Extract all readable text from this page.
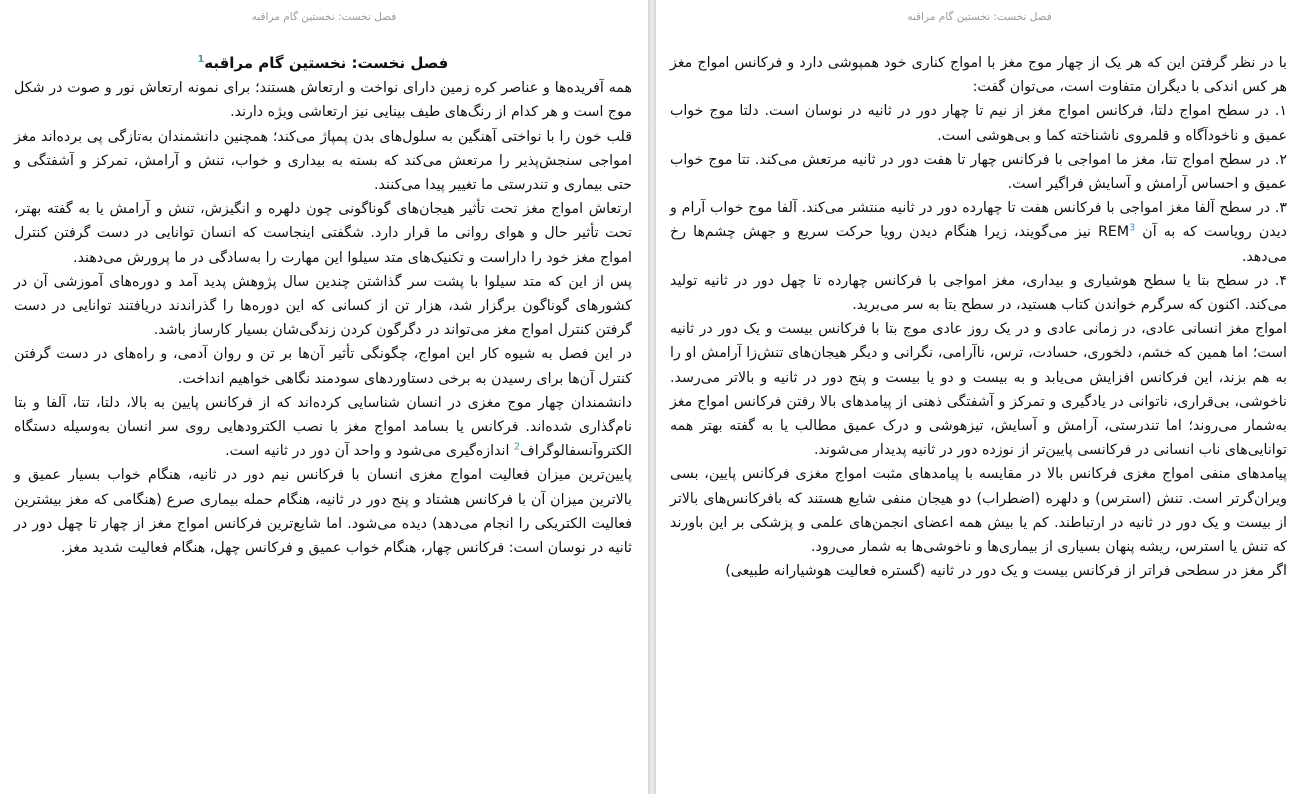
فصل نخست: نخستین گام مراقبه

فصل نخست: نخستین گام مراقبه$^1$

همه آفریده‌ها و عناصر کره زمین دارای نواخت و ارتعاش هستند؛ برای نمونه ارتعاش نور و صوت در شکل موج است و هر کدام از رنگ‌های طیف بینایی نیز ارتعاشی ویژه دارند.

قلب خون را با نواختی آهنگین به سلول‌های بدن پمپاژ می‌کند؛ همچنین دانشمندان به‌تازگی پی برده‌اند مغز امواجی سنجش‌پذیر را مرتعش می‌کند که بسته به بیداری و خواب، تنش و آرامش، تمرکز و آشفتگی و حتی بیماری و تندرستی ما تغییر پیدا می‌کنند.

ارتعاش امواج مغز تحت تأثیر هیجان‌های گوناگونی چون دلهره و انگیزش، تنش و آرامش یا به گفته بهتر، تحت تأثیر حال و هوای روانی ما قرار دارد. شگفتی اینجاست که انسان توانایی در دست گرفتن کنترل امواج مغز خود را داراست و تکنیک‌های متد سیلوا این مهارت را به‌سادگی در ما پرورش می‌دهند.

پس از این که متد سیلوا با پشت سر گذاشتن چندین سال پژوهش پدید آمد و دوره‌های آموزشی آن در کشورهای گوناگون برگزار شد، هزار تن از کسانی که این دوره‌ها را گذراندند دریافتند توانایی در دست گرفتن کنترل امواج مغز می‌تواند در دگرگون کردن زندگی‌شان بسیار کارساز باشد.

در این فصل به شیوه کار این امواج، چگونگی تأثیر آن‌ها بر تن و روان آدمی، و راه‌های در دست گرفتن کنترل آن‌ها برای رسیدن به برخی دستاوردهای سودمند نگاهی خواهیم انداخت.

دانشمندان چهار موج مغزی در انسان شناسایی کرده‌اند که از فرکانس پایین به بالا، دلتا، تتا، آلفا و بتا نام‌گذاری شده‌اند. فرکانس یا بسامد امواج مغز با نصب الکترودهایی روی سر انسان به‌وسیله دستگاه الکتروآنسفالوگراف$^2$ اندازه‌گیری می‌شود و واحد آن دور در ثانیه است.

پایین‌ترین میزان فعالیت امواج مغزی انسان با فرکانس نیم دور در ثانیه، هنگام خواب بسیار عمیق و بالاترین میزان آن با فرکانس هشتاد و پنج دور در ثانیه، هنگام حمله بیماری صرع (هنگامی که مغز بیشترین فعالیت الکتریکی را انجام می‌دهد) دیده می‌شود. اما شایع‌ترین فرکانس امواج مغز از چهار تا چهل دور در ثانیه در نوسان است: فرکانس چهار، هنگام خواب عمیق و فرکانس چهل، هنگام فعالیت شدید مغز.

فصل نخست: نخستین گام مراقبه

با در نظر گرفتن این که هر یک از چهار موج مغز با امواج کناری خود همپوشی دارد و فرکانس امواج مغز هر کس اندکی با دیگران متفاوت است، می‌توان گفت:

۱. در سطح امواج دلتا، فرکانس امواج مغز از نیم تا چهار دور در ثانیه در نوسان است. دلتا موج خواب عمیق و ناخودآگاه و قلمروی ناشناخته کما و بی‌هوشی است.

۲. در سطح امواج تتا، مغز ما امواجی با فرکانس چهار تا هفت دور در ثانیه مرتعش می‌کند. تتا موج خواب عمیق و احساس آرامش و آسایش فراگیر است.

۳. در سطح آلفا مغز امواجی با فرکانس هفت تا چهارده دور در ثانیه منتشر می‌کند. آلفا موج خواب آرام و دیدن رویاست که به آن REM$^3$ نیز می‌گویند، زیرا هنگام دیدن رویا حرکت سریع و جهش چشم‌ها رخ می‌دهد.

۴. در سطح بتا یا سطح هوشیاری و بیداری، مغز امواجی با فرکانس چهارده تا چهل دور در ثانیه تولید می‌کند. اکنون که سرگرم خواندن کتاب هستید، در سطح بتا به سر می‌برید.

امواج مغز انسانی عادی، در زمانی عادی و در یک روز عادی موج بتا با فرکانس بیست و یک دور در ثانیه است؛ اما همین که خشم، دلخوری، حسادت، ترس، ناآرامی، نگرانی و دیگر هیجان‌های تنش‌زا آرامش او را به هم بزند، این فرکانس افزایش می‌یابد و به بیست و دو یا بیست و پنج دور در ثانیه و بالاتر می‌رسد. ناخوشی، بی‌قراری، ناتوانی در یادگیری و تمرکز و آشفتگی ذهنی از پیامدهای بالا رفتن فرکانس امواج مغز به‌شمار می‌روند؛ اما تندرستی، آرامش و آسایش، تیزهوشی و درک عمیق مطالب یا به گفته بهتر همه توانایی‌های ناب انسانی در فرکانسی پایین‌تر از نوزده دور در ثانیه پدیدار می‌شوند.

پیامدهای منفی امواج مغزی فرکانس بالا در مقایسه با پیامدهای مثبت امواج مغزی فرکانس پایین، بسی ویران‌گرتر است. تنش (استرس) و دلهره (اضطراب) دو هیجان منفی شایع هستند که بافرکانس‌های بالاتر از بیست و یک دور در ثانیه در ارتباطند. کم یا بیش همه اعضای انجمن‌های علمی و پزشکی بر این باورند که تنش یا استرس، ریشه پنهان بسیاری از بیماری‌ها و ناخوشی‌ها به شمار می‌رود.

اگر مغز در سطحی فراتر از فرکانس بیست و یک دور در ثانیه (گستره فعالیت هوشیارانه طبیعی)
